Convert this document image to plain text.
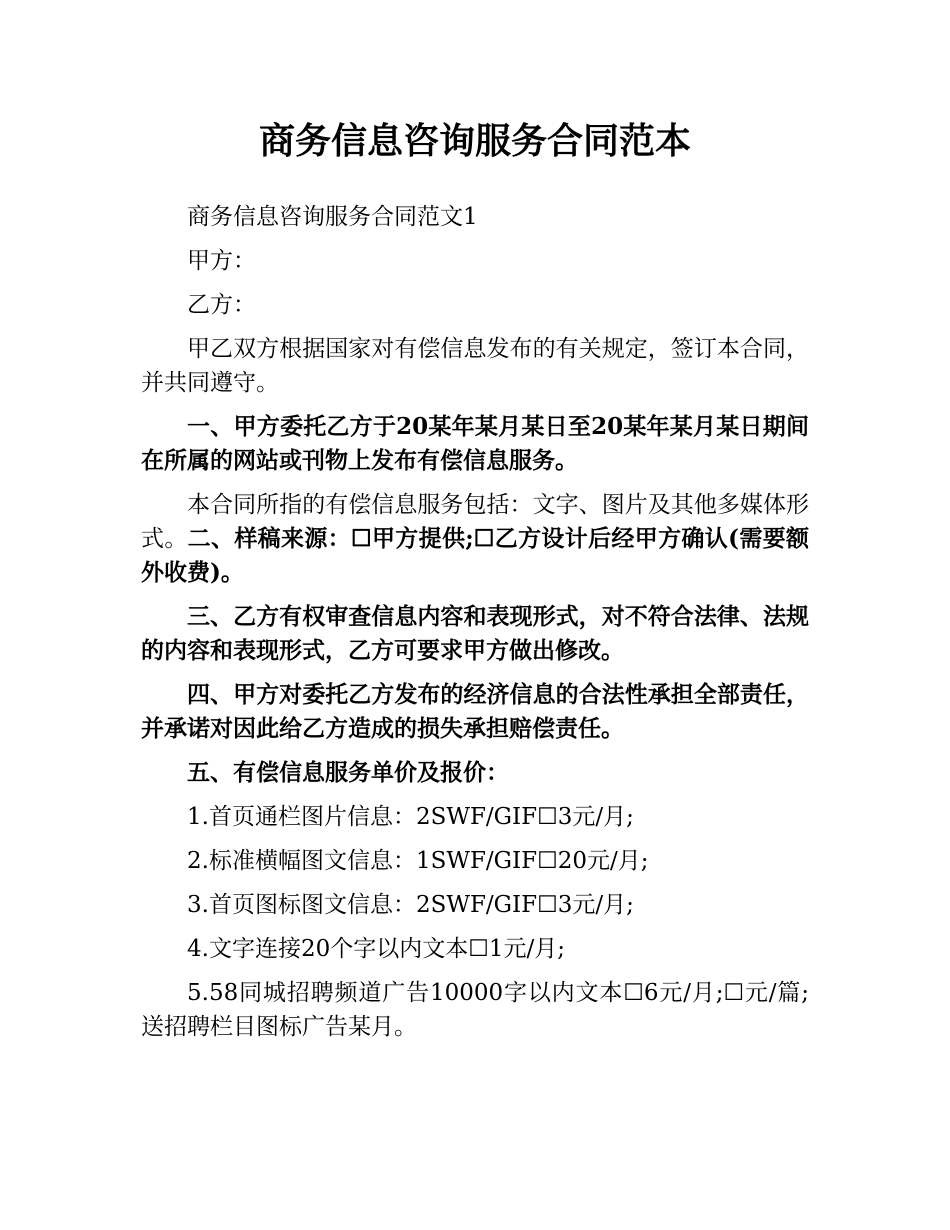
商务信息咨询服务合同范本

商务信息咨询服务合同范文1

甲方：

乙方：

甲乙双方根据国家对有偿信息发布的有关规定，签订本合同，并共同遵守。

一、甲方委托乙方于20某年某月某日至20某年某月某日期间在所属的网站或刊物上发布有偿信息服务。

本合同所指的有偿信息服务包括：文字、图片及其他多媒体形式。二、样稿来源：☐甲方提供;☐乙方设计后经甲方确认(需要额外收费)。

三、乙方有权审查信息内容和表现形式，对不符合法律、法规的内容和表现形式，乙方可要求甲方做出修改。

四、甲方对委托乙方发布的经济信息的合法性承担全部责任，并承诺对因此给乙方造成的损失承担赔偿责任。

五、有偿信息服务单价及报价：

1.首页通栏图片信息：2SWF/GIF☐3元/月;

2.标准横幅图文信息：1SWF/GIF☐20元/月;

3.首页图标图文信息：2SWF/GIF☐3元/月;

4.文字连接20个字以内文本☐1元/月;

5.58同城招聘频道广告10000字以内文本☐6元/月;☐元/篇;送招聘栏目图标广告某月。
